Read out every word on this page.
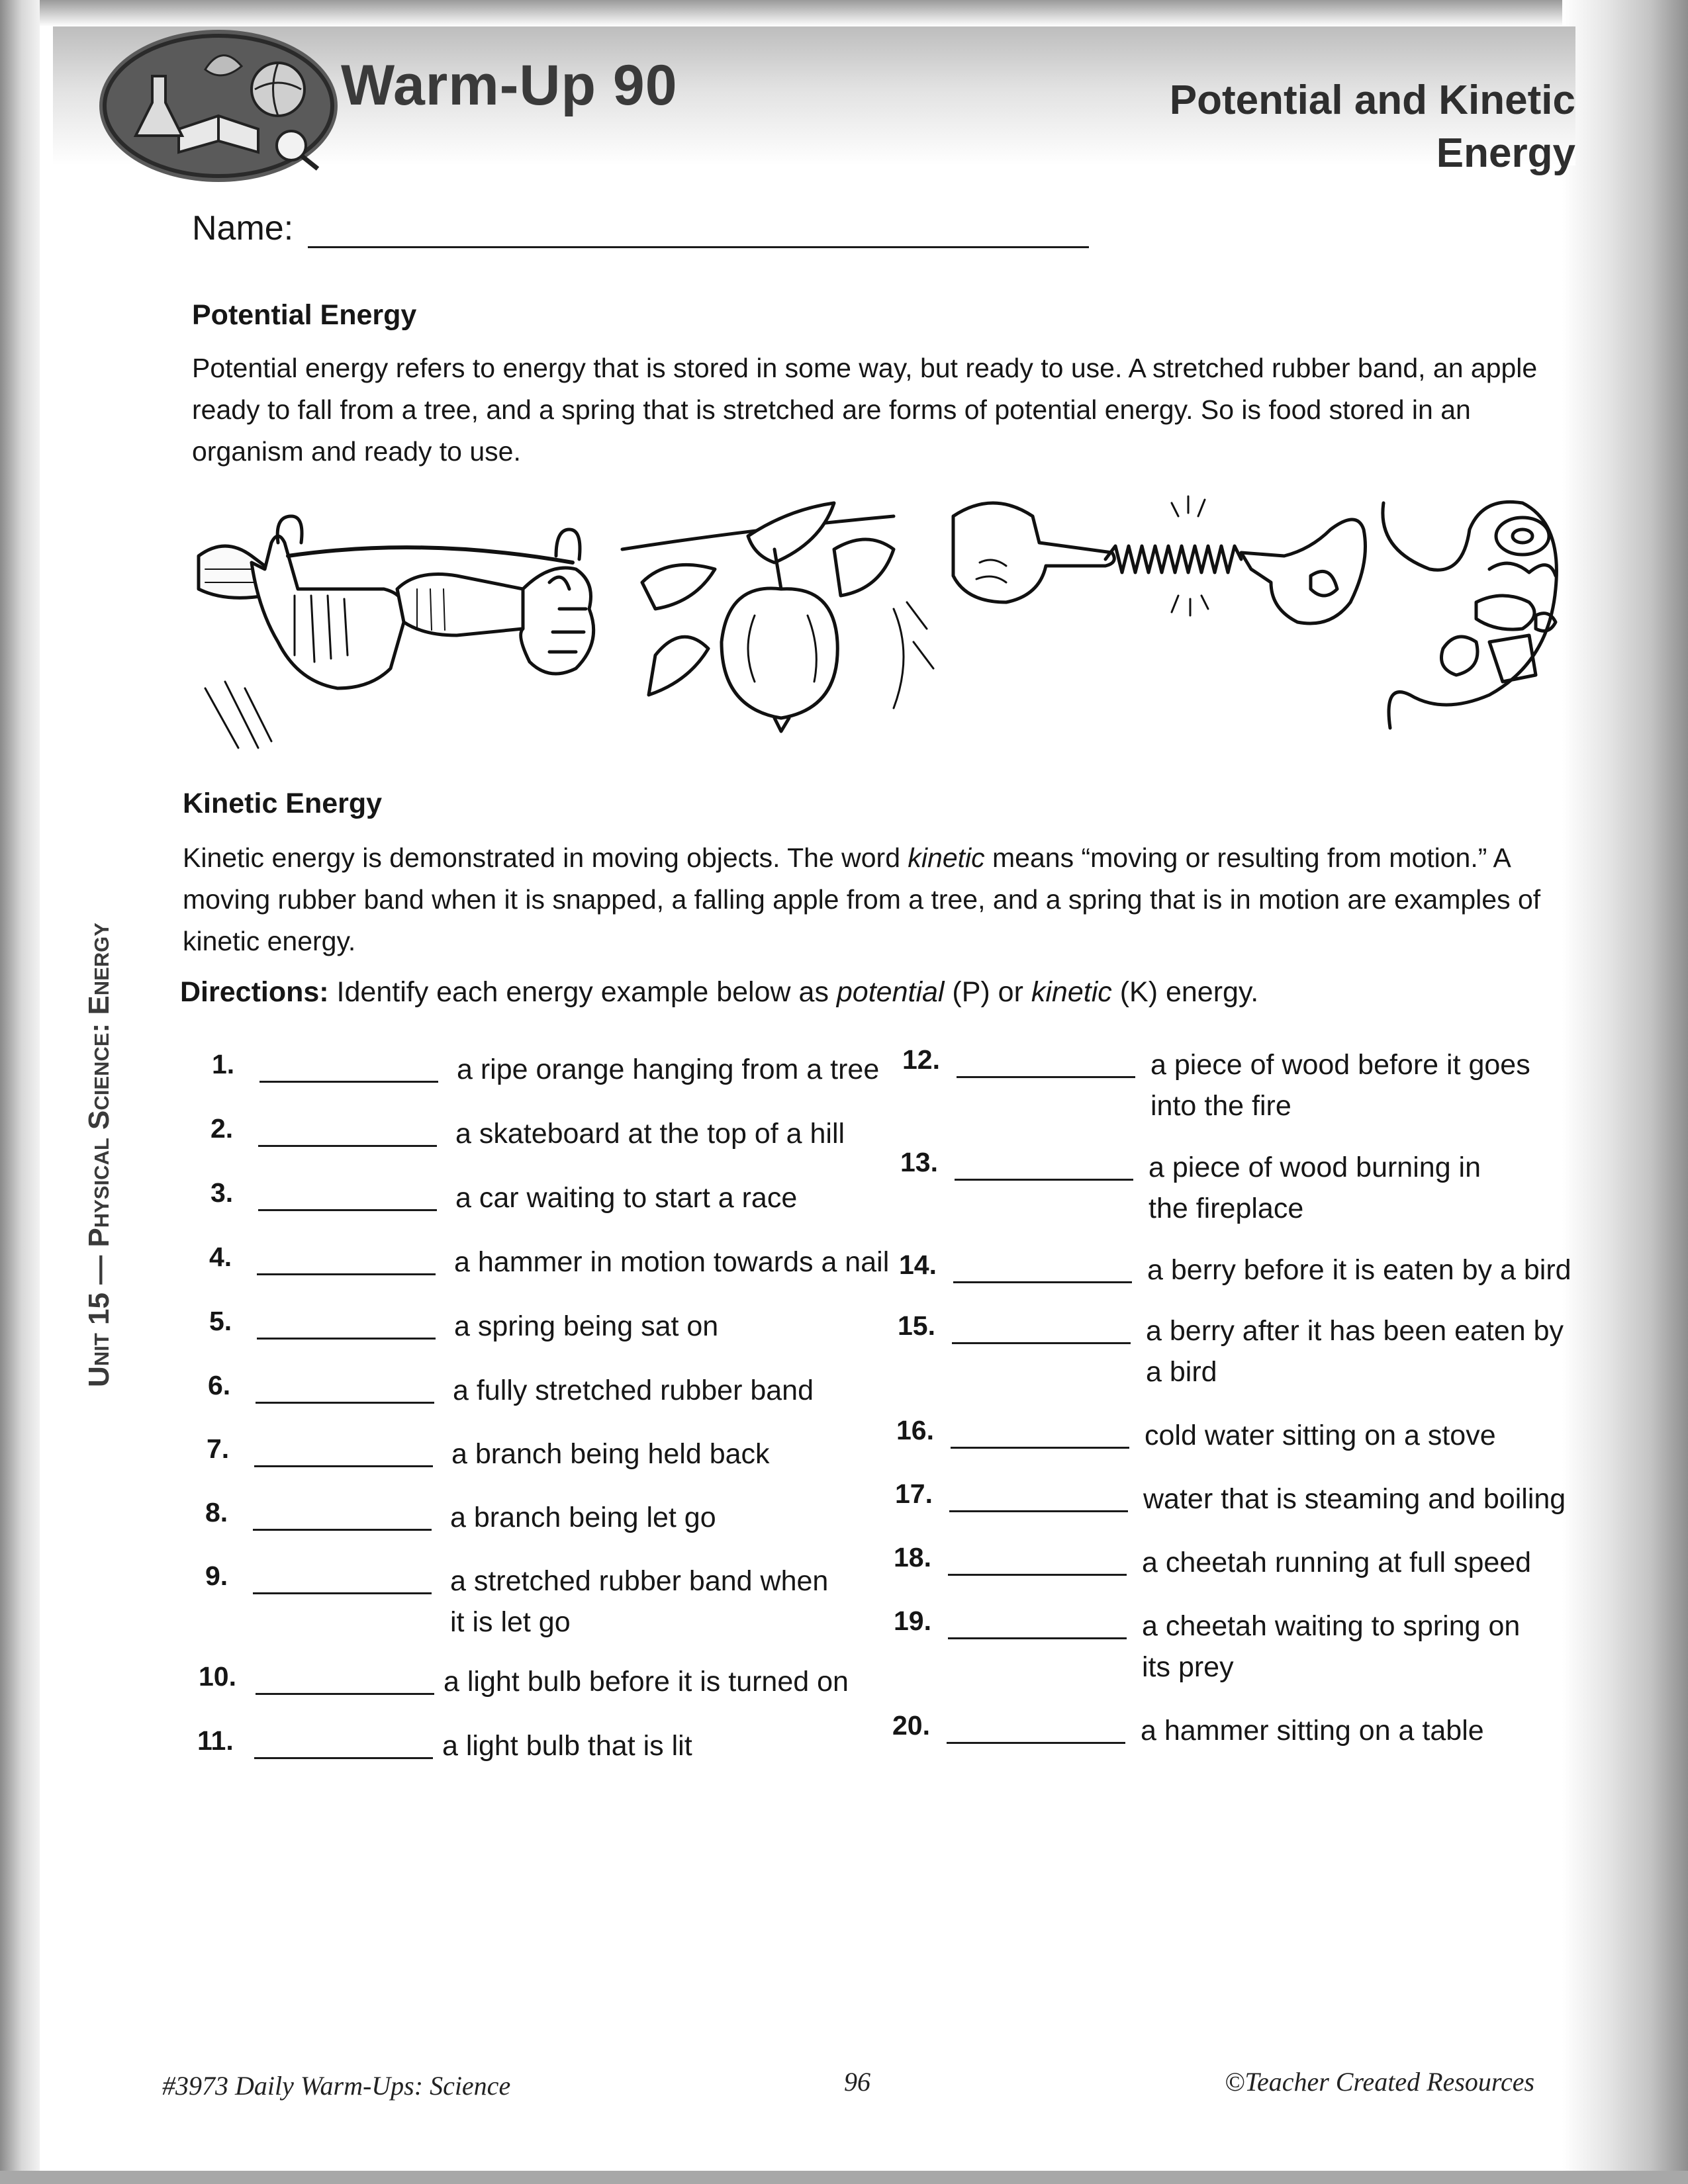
Warm-Up 90	Potential and Kinetic
Energy
Name:
Potential Energy
Potential energy refers to energy that is stored in some way, but ready to use. A stretched rubber band, an apple
ready to fall from a tree, and a spring that is stretched are forms of potential energy. So is food stored in an
organism and ready to use.
Kinetic Energy
Kinetic energy is demonstrated in moving objects. The word kinetic means “moving or resulting from motion.” A
moving rubber band when it is snapped, a falling apple from a tree, and a spring that is in motion are examples of
kinetic energy.
Directions: Identify each energy example below as potential (P) or kinetic (K) energy.
Unit 15 — Physical Science: Energy	1.	a ripe orange hanging from a tree
2.	a skateboard at the top of a hill
3.	a car waiting to start a race
4.	a hammer in motion towards a nail
5.	a spring being sat on
6.	a fully stretched rubber band
7.	a branch being held back
8.	a branch being let go
9.	a stretched rubber band when
it is let go
10.	a light bulb before it is turned on
11.	a light bulb that is lit
12.	a piece of wood before it goes
into the fire
13.	a piece of wood burning in
the fireplace
14.	a berry before it is eaten by a bird
15.	a berry after it has been eaten by
a bird
16.	cold water sitting on a stove
17.	water that is steaming and boiling
18.	a cheetah running at full speed
19.	a cheetah waiting to spring on
its prey
20.	a hammer sitting on a table
#3973 Daily Warm-Ups: Science	96	©Teacher Created Resources
